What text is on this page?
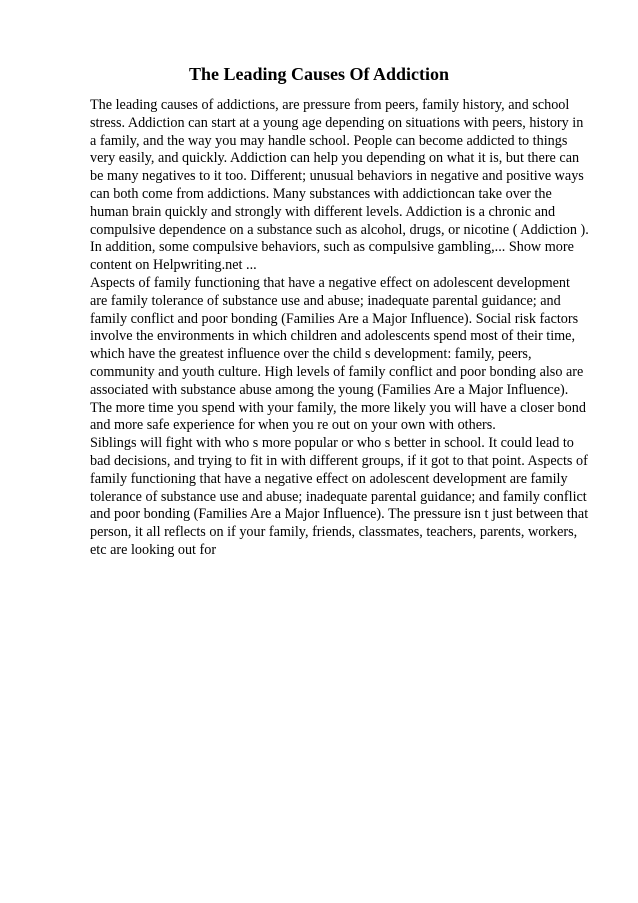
The Leading Causes Of Addiction

The leading causes of addictions, are pressure from peers, family history, and school stress. Addiction can start at a young age depending on situations with peers, history in a family, and the way you may handle school. People can become addicted to things very easily, and quickly. Addiction can help you depending on what it is, but there can be many negatives to it too. Different; unusual behaviors in negative and positive ways can both come from addictions. Many substances with addictioncan take over the human brain quickly and strongly with different levels. Addiction is a chronic and compulsive dependence on a substance such as alcohol, drugs, or nicotine ( Addiction ). In addition, some compulsive behaviors, such as compulsive gambling,... Show more content on Helpwriting.net ...

Aspects of family functioning that have a negative effect on adolescent development are family tolerance of substance use and abuse; inadequate parental guidance; and family conflict and poor bonding (Families Are a Major Influence). Social risk factors involve the environments in which children and adolescents spend most of their time, which have the greatest influence over the child s development: family, peers, community and youth culture. High levels of family conflict and poor bonding also are associated with substance abuse among the young (Families Are a Major Influence). The more time you spend with your family, the more likely you will have a closer bond and more safe experience for when you re out on your own with others.

Siblings will fight with who s more popular or who s better in school. It could lead to bad decisions, and trying to fit in with different groups, if it got to that point. Aspects of family functioning that have a negative effect on adolescent development are family tolerance of substance use and abuse; inadequate parental guidance; and family conflict and poor bonding (Families Are a Major Influence). The pressure isn t just between that person, it all reflects on if your family, friends, classmates, teachers, parents, workers, etc are looking out for
